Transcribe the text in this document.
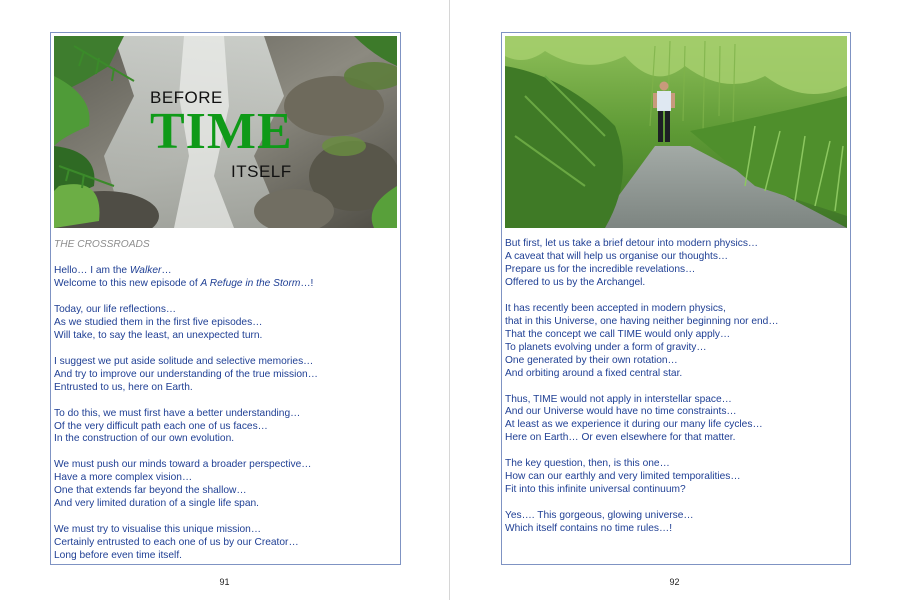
BEFORE
TIME
ITSELF
THE CROSSROADS
Hello… I am the Walker…
Welcome to this new episode of A Refuge in the Storm…!
Today, our life reflections…
As we studied them in the first five episodes…
Will take, to say the least, an unexpected turn.
I suggest we put aside solitude and selective memories…
And try to improve our understanding of the true mission…
Entrusted to us, here on Earth.
To do this, we must first have a better understanding…
Of the very difficult path each one of us faces…
In the construction of our own evolution.
We must push our minds toward a broader perspective…
Have a more complex vision…
One that extends far beyond the shallow…
And very limited duration of a single life span.
We must try to visualise this unique mission…
Certainly entrusted to each one of us by our Creator…
Long before even time itself.
91
But first, let us take a brief detour into modern physics…
A caveat that will help us organise our thoughts…
Prepare us for the incredible revelations…
Offered to us by the Archangel.
It has recently been accepted in modern physics,
that in this Universe, one having neither beginning nor end…
That the concept we call TIME would only apply…
To planets evolving under a form of gravity…
One generated by their own rotation…
And orbiting around a fixed central star.
Thus, TIME would not apply in interstellar space…
And our Universe would have no time constraints…
At least as we experience it during our many life cycles…
Here on Earth… Or even elsewhere for that matter.
The key question, then, is this one…
How can our earthly and very limited temporalities…
Fit into this infinite universal continuum?
Yes…. This gorgeous, glowing universe…
Which itself contains no time rules…!
92
